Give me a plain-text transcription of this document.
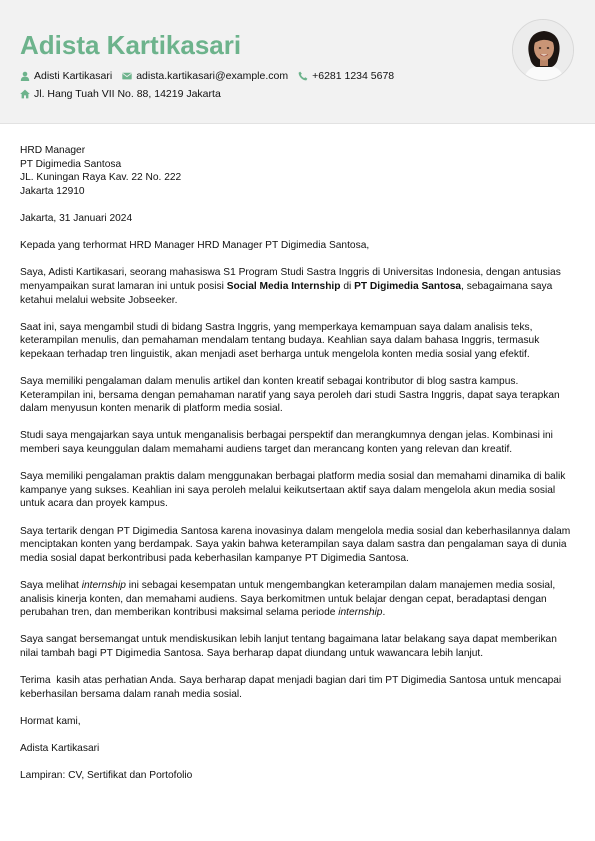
Adista Kartikasari
Adisti Kartikasari adista.kartikasari@example.com +6281 1234 5678
Jl. Hang Tuah VII No. 88, 14219 Jakarta

HRD Manager
PT Digimedia Santosa
JL. Kuningan Raya Kav. 22 No. 222
Jakarta 12910

Jakarta, 31 Januari 2024

Kepada yang terhormat HRD Manager HRD Manager PT Digimedia Santosa,

Saya, Adisti Kartikasari, seorang mahasiswa S1 Program Studi Sastra Inggris di Universitas Indonesia, dengan antusias menyampaikan surat lamaran ini untuk posisi Social Media Internship di PT Digimedia Santosa, sebagaimana saya ketahui melalui website Jobseeker.

Saat ini, saya mengambil studi di bidang Sastra Inggris, yang memperkaya kemampuan saya dalam analisis teks, keterampilan menulis, dan pemahaman mendalam tentang budaya. Keahlian saya dalam bahasa Inggris, termasuk kepekaan terhadap tren linguistik, akan menjadi aset berharga untuk mengelola konten media sosial yang efektif.

Saya memiliki pengalaman dalam menulis artikel dan konten kreatif sebagai kontributor di blog sastra kampus. Keterampilan ini, bersama dengan pemahaman naratif yang saya peroleh dari studi Sastra Inggris, dapat saya terapkan dalam menyusun konten menarik di platform media sosial.

Studi saya mengajarkan saya untuk menganalisis berbagai perspektif dan merangkumnya dengan jelas. Kombinasi ini memberi saya keunggulan dalam memahami audiens target dan merancang konten yang relevan dan kreatif.

Saya memiliki pengalaman praktis dalam menggunakan berbagai platform media sosial dan memahami dinamika di balik kampanye yang sukses. Keahlian ini saya peroleh melalui keikutsertaan aktif saya dalam mengelola akun media sosial untuk acara dan proyek kampus.

Saya tertarik dengan PT Digimedia Santosa karena inovasinya dalam mengelola media sosial dan keberhasilannya dalam menciptakan konten yang berdampak. Saya yakin bahwa keterampilan saya dalam sastra dan pengalaman saya di dunia media sosial dapat berkontribusi pada keberhasilan kampanye PT Digimedia Santosa.

Saya melihat internship ini sebagai kesempatan untuk mengembangkan keterampilan dalam manajemen media sosial, analisis kinerja konten, dan memahami audiens. Saya berkomitmen untuk belajar dengan cepat, beradaptasi dengan perubahan tren, dan memberikan kontribusi maksimal selama periode internship.

Saya sangat bersemangat untuk mendiskusikan lebih lanjut tentang bagaimana latar belakang saya dapat memberikan nilai tambah bagi PT Digimedia Santosa. Saya berharap dapat diundang untuk wawancara lebih lanjut.

Terima  kasih atas perhatian Anda. Saya berharap dapat menjadi bagian dari tim PT Digimedia Santosa untuk mencapai keberhasilan bersama dalam ranah media sosial.

Hormat kami,

Adista Kartikasari

Lampiran: CV, Sertifikat dan Portofolio
